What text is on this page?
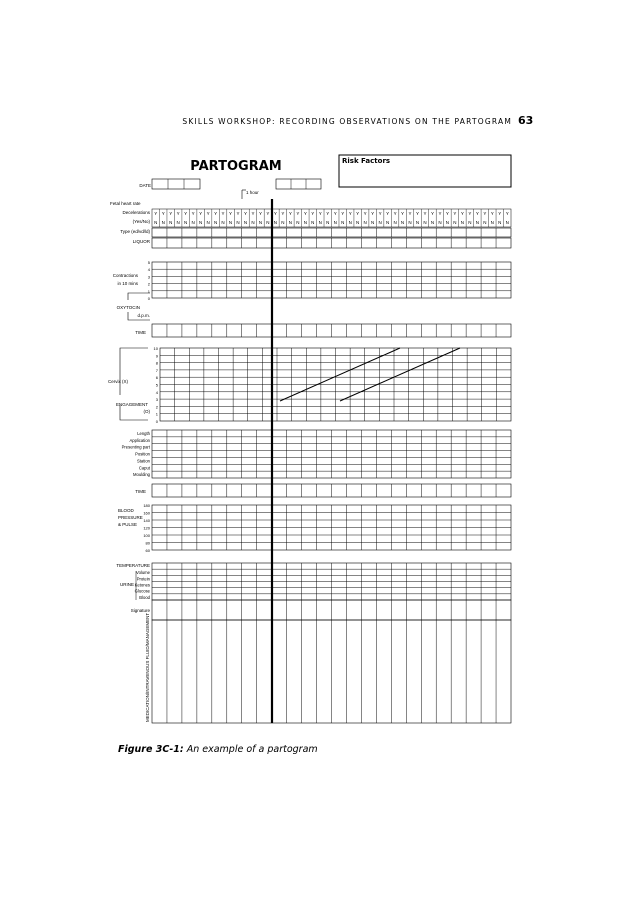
SKILLS WORKSHOP: RECORDING OBSERVATIONS ON THE PARTOGRAM 63
PARTOGRAM	Risk Factors
DATE
1 hour
Fetal heart rate
Decelerations
(Yes/No)
Y
N
Y
N
Y
N
Y
N
Y
N
Y
N
Y
N
Y
N
Y
N
Y
N
Y
N
Y
N
Y
N
Y
N
Y
N
Y
N
Y
N
Y
N
Y
N
Y
N
Y
N
Y
N
Y
N
Y
N
Y
N
Y
N
Y
N
Y
N
Y
N
Y
N
Y
N
Y
N
Y
N
Y
N
Y
N
Y
N
Y
N
Y
N
Y
N
Y
N
Y
N
Y
N
Y
N
Y
N
Y
N
Y
N
Y
N
Y
N
Type (ed/vd/ld)
LIQUOR
Contractions
in 10 mins
5
4
3
2
1
0
OXYTOCIN
d.p.m.
TIME
Cervix (X)
ENGAGEMENT
(O)
10
9
8
7
6
5
4
3
2
1
0
Length
Application
Presenting part
Position
Station
Caput
Moulding
TIME
BLOOD
PRESSURE
& PULSE
180
160
140
120
100
80
60
TEMPERATURE
URINE
Volume
Protein
Ketones
Glucose
Blood
Signature
MEDICATION/INTRAVENOUS FLUID/MANAGEMENT
Figure 3C-1: An example of a partogram
